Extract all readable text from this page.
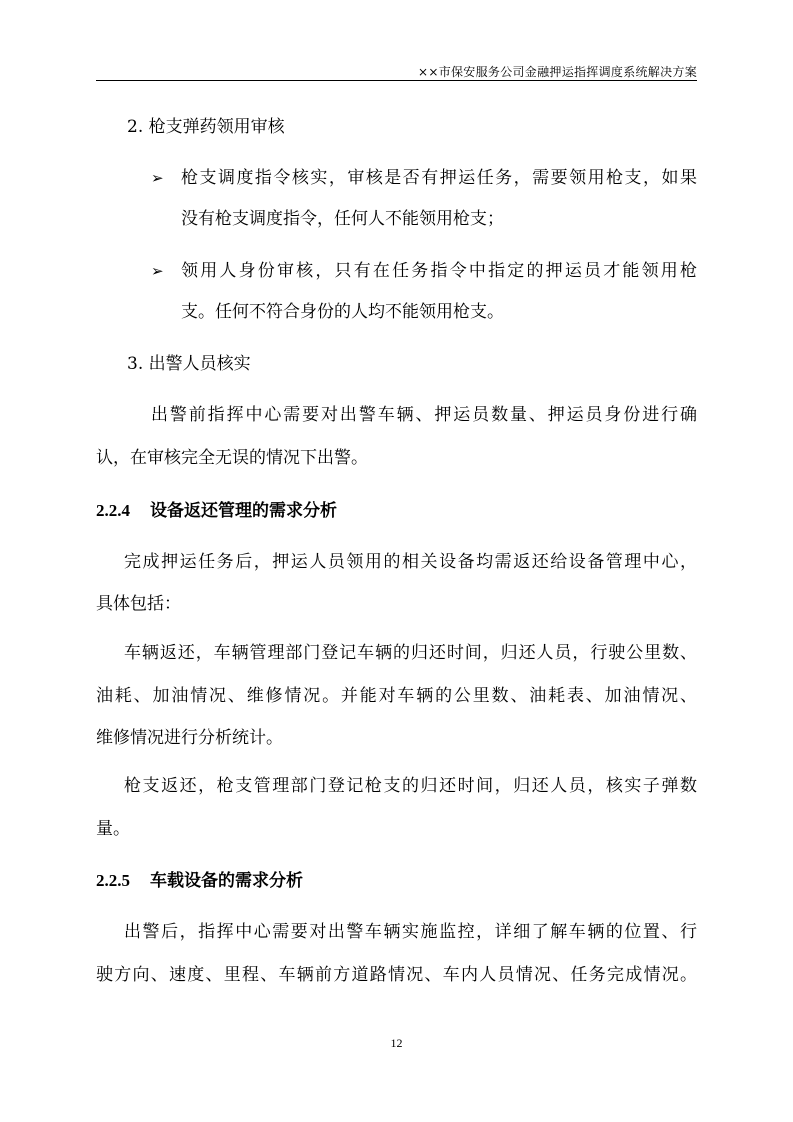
××市保安服务公司金融押运指挥调度系统解决方案
2. 枪支弹药领用审核
➢ 枪支调度指令核实，审核是否有押运任务，需要领用枪支，如果
没有枪支调度指令，任何人不能领用枪支；
➢ 领用人身份审核，只有在任务指令中指定的押运员才能领用枪
支。任何不符合身份的人均不能领用枪支。
3. 出警人员核实
出警前指挥中心需要对出警车辆、押运员数量、押运员身份进行确
认，在审核完全无误的情况下出警。
2.2.4 设备返还管理的需求分析
完成押运任务后，押运人员领用的相关设备均需返还给设备管理中心，
具体包括：
车辆返还，车辆管理部门登记车辆的归还时间，归还人员，行驶公里数、
油耗、加油情况、维修情况。并能对车辆的公里数、油耗表、加油情况、
维修情况进行分析统计。
枪支返还，枪支管理部门登记枪支的归还时间，归还人员，核实子弹数
量。
2.2.5 车载设备的需求分析
出警后，指挥中心需要对出警车辆实施监控，详细了解车辆的位置、行
驶方向、速度、里程、车辆前方道路情况、车内人员情况、任务完成情况。
12
